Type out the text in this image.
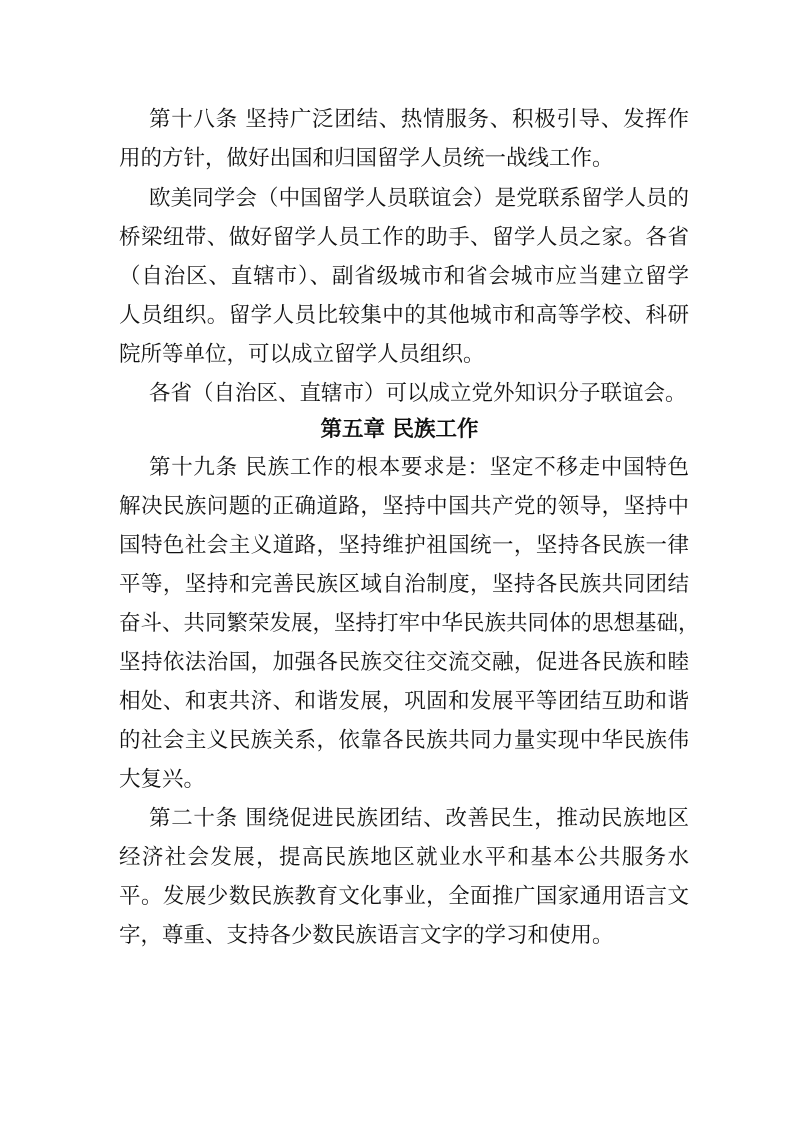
第十八条 坚持广泛团结、热情服务、积极引导、发挥作
用的方针，做好出国和归国留学人员统一战线工作。
欧美同学会（中国留学人员联谊会）是党联系留学人员的
桥梁纽带、做好留学人员工作的助手、留学人员之家。各省
（自治区、直辖市）、副省级城市和省会城市应当建立留学
人员组织。留学人员比较集中的其他城市和高等学校、科研
院所等单位，可以成立留学人员组织。
各省（自治区、直辖市）可以成立党外知识分子联谊会。
第五章 民族工作
第十九条 民族工作的根本要求是：坚定不移走中国特色
解决民族问题的正确道路，坚持中国共产党的领导，坚持中
国特色社会主义道路，坚持维护祖国统一，坚持各民族一律
平等，坚持和完善民族区域自治制度，坚持各民族共同团结
奋斗、共同繁荣发展，坚持打牢中华民族共同体的思想基础，
坚持依法治国，加强各民族交往交流交融，促进各民族和睦
相处、和衷共济、和谐发展，巩固和发展平等团结互助和谐
的社会主义民族关系，依靠各民族共同力量实现中华民族伟
大复兴。
第二十条 围绕促进民族团结、改善民生，推动民族地区
经济社会发展，提高民族地区就业水平和基本公共服务水
平。发展少数民族教育文化事业，全面推广国家通用语言文
字，尊重、支持各少数民族语言文字的学习和使用。
